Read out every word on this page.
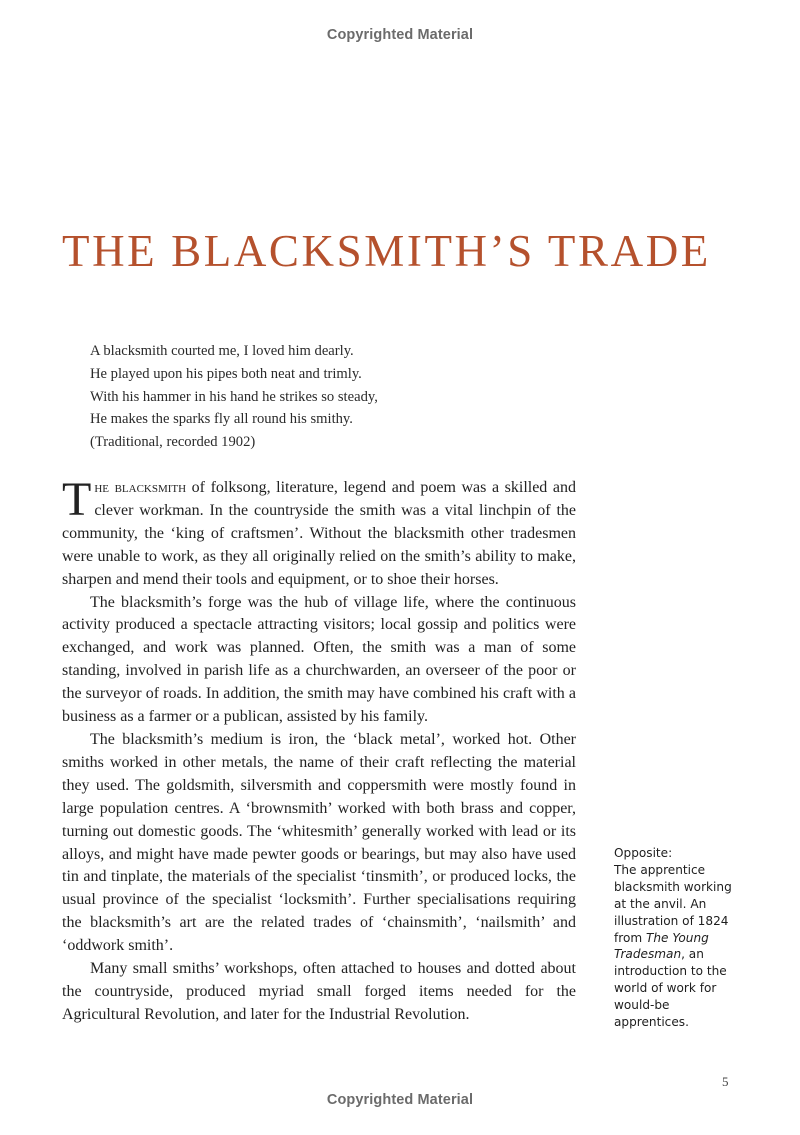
Copyrighted Material
THE BLACKSMITH’S TRADE
A blacksmith courted me, I loved him dearly.
He played upon his pipes both neat and trimly.
With his hammer in his hand he strikes so steady,
He makes the sparks fly all round his smithy.
(Traditional, recorded 1902)

The blacksmith of folksong, literature, legend and poem was a skilled and clever workman. In the countryside the smith was a vital linchpin of the community, the ‘king of craftsmen’. Without the blacksmith other tradesmen were unable to work, as they all originally relied on the smith’s ability to make, sharpen and mend their tools and equipment, or to shoe their horses.

The blacksmith’s forge was the hub of village life, where the continuous activity produced a spectacle attracting visitors; local gossip and politics were exchanged, and work was planned. Often, the smith was a man of some standing, involved in parish life as a churchwarden, an overseer of the poor or the surveyor of roads. In addition, the smith may have combined his craft with a business as a farmer or a publican, assisted by his family.

The blacksmith’s medium is iron, the ‘black metal’, worked hot. Other smiths worked in other metals, the name of their craft reflecting the material they used. The goldsmith, silversmith and coppersmith were mostly found in large population centres. A ‘brownsmith’ worked with both brass and copper, turning out domestic goods. The ‘whitesmith’ generally worked with lead or its alloys, and might have made pewter goods or bearings, but may also have used tin and tinplate, the materials of the specialist ‘tinsmith’, or produced locks, the usual province of the specialist ‘locksmith’. Further specialisations requiring the blacksmith’s art are the related trades of ‘chainsmith’, ‘nailsmith’ and ‘oddwork smith’.

Many small smiths’ workshops, often attached to houses and dotted about the countryside, produced myriad small forged items needed for the Agricultural Revolution, and later for the Industrial Revolution.

Opposite:
The apprentice blacksmith working at the anvil. An illustration of 1824 from The Young Tradesman, an introduction to the world of work for would-be apprentices.
5
Copyrighted Material
